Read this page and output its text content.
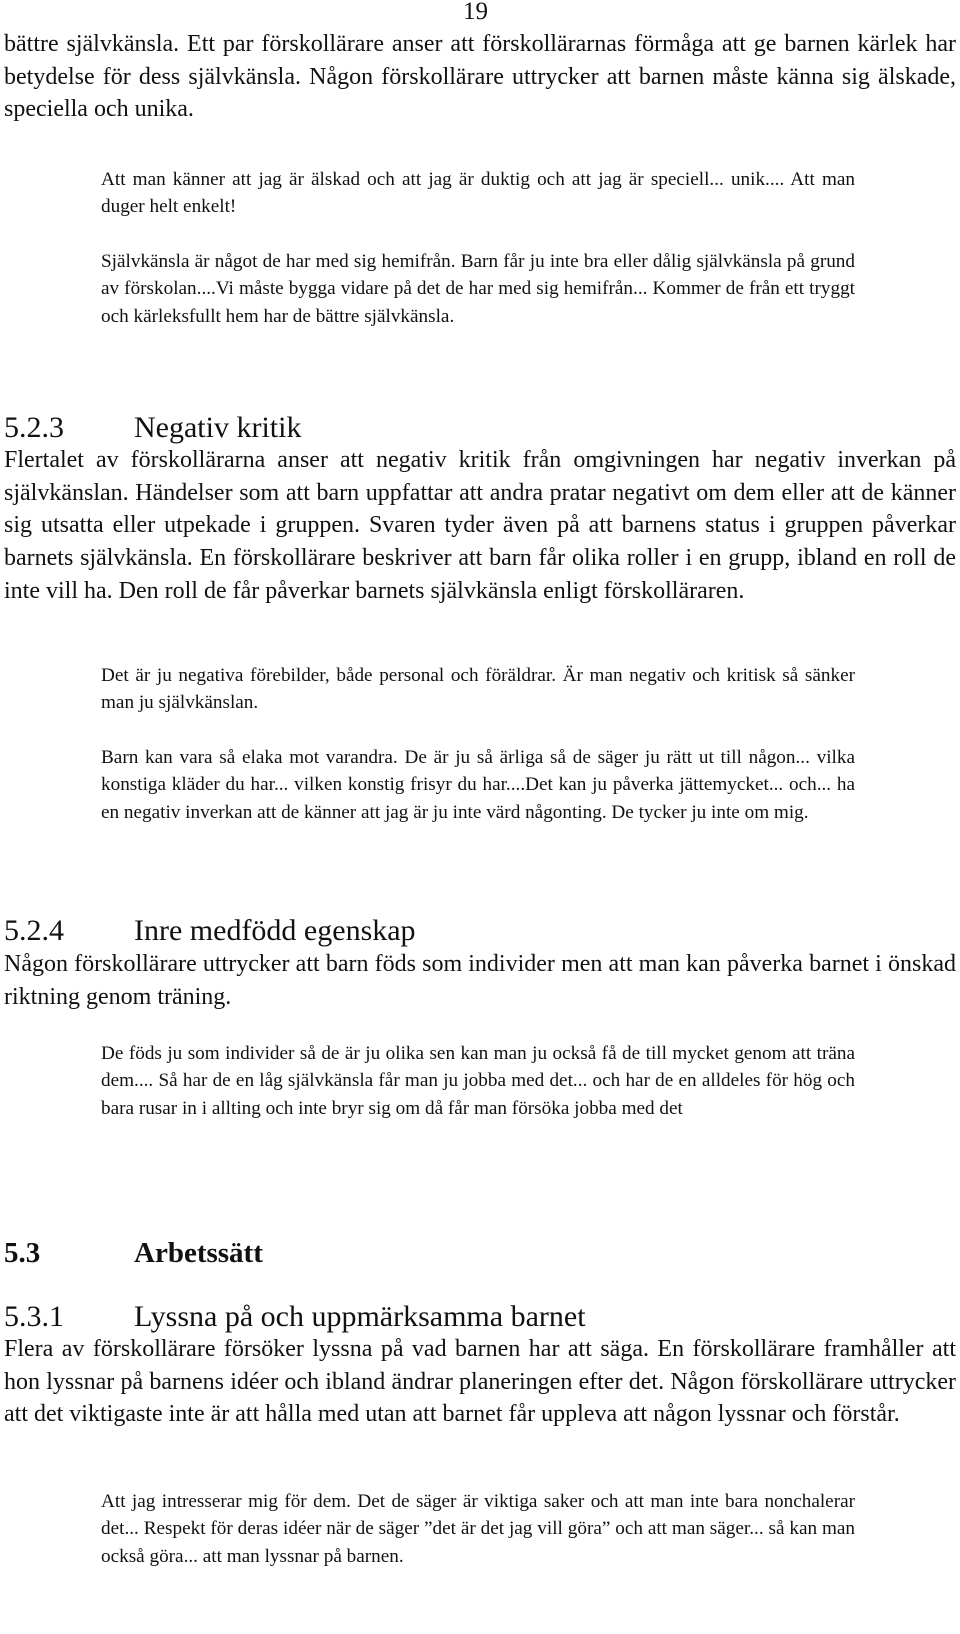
19

bättre självkänsla. Ett par förskollärare anser att förskollärarnas förmåga att ge barnen kärlek har betydelse för dess självkänsla. Någon förskollärare uttrycker att barnen måste känna sig älskade, speciella och unika.

Att man känner att jag är älskad och att jag är duktig och att jag är speciell... unik.... Att man duger helt enkelt!

Självkänsla är något de har med sig hemifrån. Barn får ju inte bra eller dålig självkänsla på grund av förskolan....Vi måste bygga vidare på det de har med sig hemifrån... Kommer de från ett tryggt och kärleksfullt hem har de bättre självkänsla.

5.2.3 Negativ kritik

Flertalet av förskollärarna anser att negativ kritik från omgivningen har negativ inverkan på självkänslan. Händelser som att barn uppfattar att andra pratar negativt om dem eller att de känner sig utsatta eller utpekade i gruppen. Svaren tyder även på att barnens status i gruppen påverkar barnets självkänsla. En förskollärare beskriver att barn får olika roller i en grupp, ibland en roll de inte vill ha. Den roll de får påverkar barnets självkänsla enligt förskolläraren.

Det är ju negativa förebilder, både personal och föräldrar. Är man negativ och kritisk så sänker man ju självkänslan.

Barn kan vara så elaka mot varandra. De är ju så ärliga så de säger ju rätt ut till någon... vilka konstiga kläder du har... vilken konstig frisyr du har....Det kan ju påverka jättemycket... och... ha en negativ inverkan att de känner att jag är ju inte värd någonting. De tycker ju inte om mig.

5.2.4 Inre medfödd egenskap

Någon förskollärare uttrycker att barn föds som individer men att man kan påverka barnet i önskad riktning genom träning.

De föds ju som individer så de är ju olika sen kan man ju också få de till mycket genom att träna dem.... Så har de en låg självkänsla får man ju jobba med det... och har de en alldeles för hög och bara rusar in i allting och inte bryr sig om då får man försöka jobba med det

5.3	Arbetssätt
5.3.1 Lyssna på och uppmärksamma barnet

Flera av förskollärare försöker lyssna på vad barnen har att säga. En förskollärare framhåller att hon lyssnar på barnens idéer och ibland ändrar planeringen efter det. Någon förskollärare uttrycker att det viktigaste inte är att hålla med utan att barnet får uppleva att någon lyssnar och förstår.

Att jag intresserar mig för dem. Det de säger är viktiga saker och att man inte bara nonchalerar det... Respekt för deras idéer när de säger ”det är det jag vill göra” och att man säger... så kan man också göra... att man lyssnar på barnen.
